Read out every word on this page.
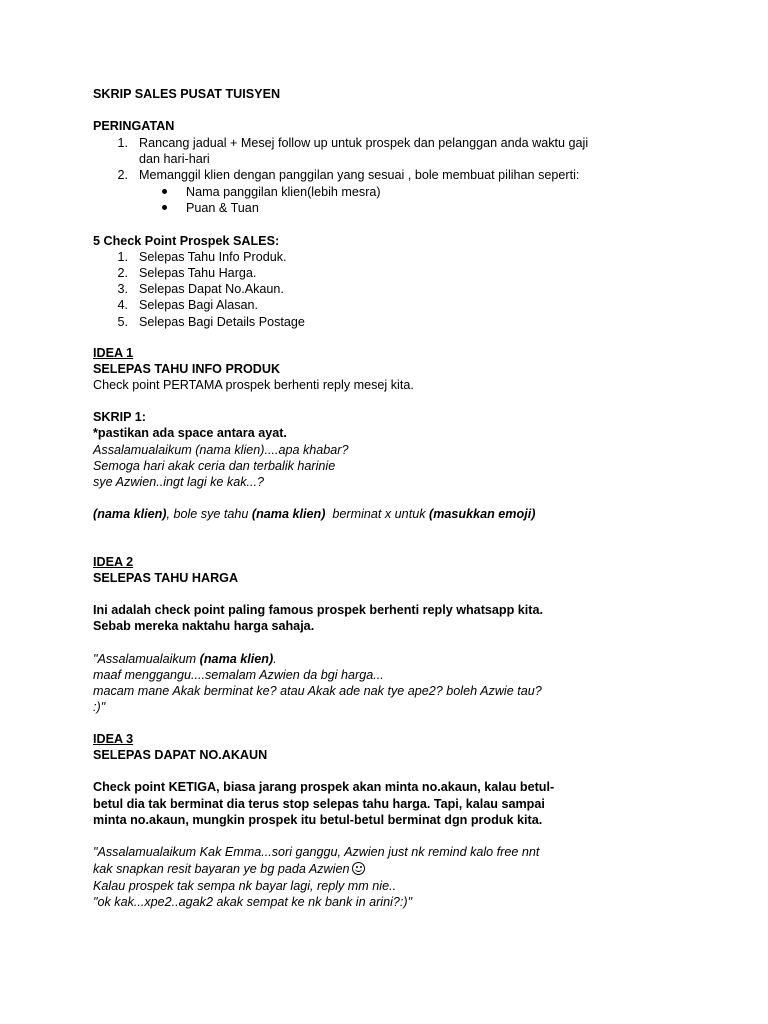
SKRIP SALES PUSAT TUISYEN
PERINGATAN
1. Rancang jadual + Mesej follow up untuk prospek dan pelanggan anda waktu gaji
dan hari-hari
2. Memanggil klien dengan panggilan yang sesuai , bole membuat pilihan seperti:
Nama panggilan klien(lebih mesra)
Puan & Tuan
5 Check Point Prospek SALES:
1. Selepas Tahu Info Produk.
2. Selepas Tahu Harga.
3. Selepas Dapat No.Akaun.
4. Selepas Bagi Alasan.
5. Selepas Bagi Details Postage
IDEA 1
SELEPAS TAHU INFO PRODUK
Check point PERTAMA prospek berhenti reply mesej kita.
SKRIP 1:
*pastikan ada space antara ayat.
Assalamualaikum (nama klien)....apa khabar?
Semoga hari akak ceria dan terbalik harinie
sye Azwien..ingt lagi ke kak...?
(nama klien), bole sye tahu (nama klien)  berminat x untuk (masukkan emoji)
IDEA 2
SELEPAS TAHU HARGA
Ini adalah check point paling famous prospek berhenti reply whatsapp kita.
Sebab mereka naktahu harga sahaja.
"Assalamualaikum (nama klien).
maaf menggangu....semalam Azwien da bgi harga...
macam mane Akak berminat ke? atau Akak ade nak tye ape2? boleh Azwie tau?
:)"
IDEA 3
SELEPAS DAPAT NO.AKAUN
Check point KETIGA, biasa jarang prospek akan minta no.akaun, kalau betul-
betul dia tak berminat dia terus stop selepas tahu harga. Tapi, kalau sampai
minta no.akaun, mungkin prospek itu betul-betul berminat dgn produk kita.
"Assalamualaikum Kak Emma...sori ganggu, Azwien just nk remind kalo free nnt
kak snapkan resit bayaran ye bg pada Azwien
Kalau prospek tak sempa nk bayar lagi, reply mm nie..
"ok kak...xpe2..agak2 akak sempat ke nk bank in arini?:)"
